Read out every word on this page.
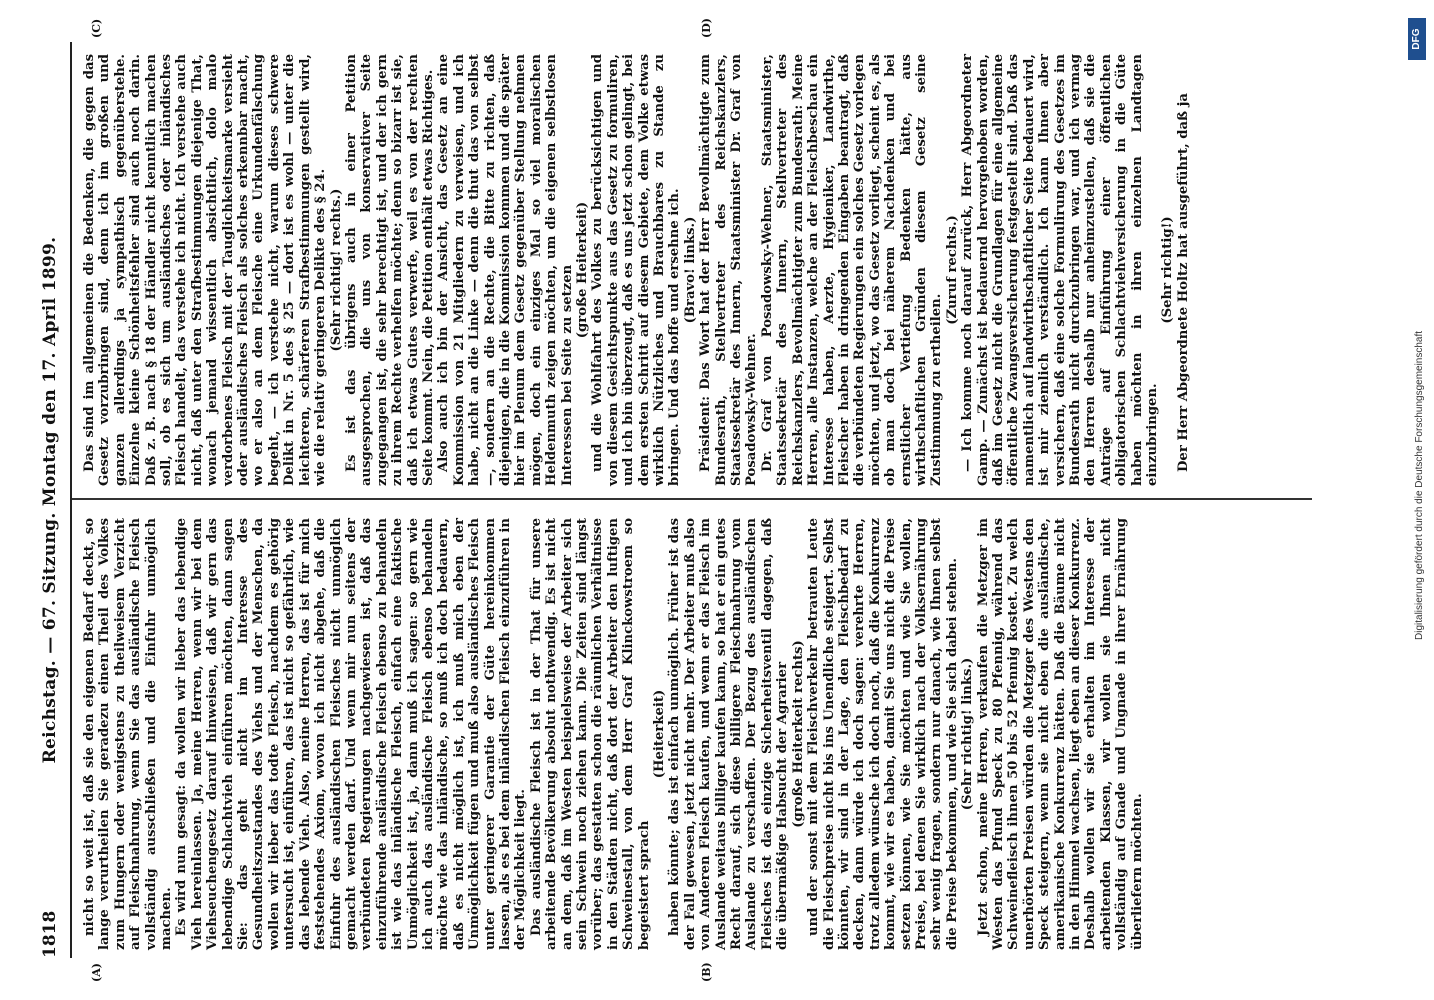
1818
Reichstag. — 67. Sitzung. Montag den 17. April 1899.
(A)	(B)
(C)	(D)

nicht so weit ist, daß sie den eigenen Bedarf deckt, so lange verurtheilen Sie geradezu einen Theil des Volkes zum Hungern oder wenigstens zu theilweisem Verzicht auf Fleischnahrung, wenn Sie das ausländische Fleisch vollständig ausschließen und die Einfuhr unmöglich machen. Es wird nun gesagt: da wollen wir lieber das lebendige Vieh hereinlassen. Ja, meine Herren, wenn wir bei dem Viehseuchengesetz darauf hinweisen, daß wir gern das lebendige Schlachtvieh einführen möchten, dann sagen Sie: das geht nicht im Interesse des Gesundheitszustandes des Viehs und der Menschen, da wollen wir lieber das todte Fleisch, nachdem es gehörig untersucht ist, einführen, das ist nicht so gefährlich, wie das lebende Vieh. Also, meine Herren, das ist für mich feststehendes Axiom, wovon ich nicht abgehe, daß die Einfuhr des ausländischen Fleisches nicht unmöglich gemacht werden darf. Und wenn mir nun seitens der verbündeten Regierungen nachgewiesen ist, daß das einzuführende ausländische Fleisch ebenso zu behandeln ist wie das inländische Fleisch, einfach eine faktische Unmöglichkeit ist, ja, dann muß ich sagen: so gern wie ich auch das ausländische Fleisch ebenso behandeln möchte wie das inländische, so muß ich doch bedauern, daß es nicht möglich ist, ich muß mich eben der Unmöglichkeit fügen und muß also ausländisches Fleisch unter geringerer Garantie der Güte hereinkommen lassen, als es bei dem inländischen Fleisch einzuführen in der Möglichkeit liegt. Das ausländische Fleisch ist in der That für unsere arbeitende Bevölkerung absolut nothwendig. Es ist nicht an dem, daß im Westen beispielsweise der Arbeiter sich sein Schwein noch ziehen kann. Die Zeiten sind längst vorüber; das gestatten schon die räumlichen Verhältnisse in den Städten nicht, daß dort der Arbeiter den luftigen Schweinestall, von dem Herr Graf Klinckowstroem so begeistert sprach

(Heiterkeit) haben könnte; das ist einfach unmöglich. Früher ist das der Fall gewesen, jetzt nicht mehr. Der Arbeiter muß also von Anderen Fleisch kaufen, und wenn er das Fleisch im Auslande weitaus billiger kaufen kann, so hat er ein gutes Recht darauf, sich diese billigere Fleischnahrung vom Auslande zu verschaffen. Der Bezug des ausländischen Fleisches ist das einzige Sicherheitsventil dagegen, daß die übermäßige Habsucht der Agrarier (große Heiterkeit rechts) und der sonst mit dem Fleischverkehr betrauten Leute die Fleischpreise nicht bis ins Unendliche steigert. Selbst könnten, wir sind in der Lage, den Fleischbedarf zu decken, dann würde ich doch sagen: verehrte Herren, trotz alledem wünsche ich doch noch, daß die Konkurrenz kommt, wie wir es haben, damit Sie uns nicht die Preise setzen können, wie Sie möchten und wie Sie wollen, Preise, bei denen Sie wirklich nach der Volksernährung sehr wenig fragen, sondern nur danach, wie Ihnen selbst die Preise bekommen, und wie Sie sich dabei stehen. (Sehr richtig! links.) Jetzt schon, meine Herren, verkaufen die Metzger im Westen das Pfund Speck zu 80 Pfennig, während das Schweinefleisch ihnen 50 bis 52 Pfennig kostet. Zu welch unerhörten Preisen würden die Metzger des Westens den Speck steigern, wenn sie nicht eben die ausländische, amerikanische Konkurrenz hätten. Daß die Bäume nicht in den Himmel wachsen, liegt eben an dieser Konkurrenz. Deshalb wollen wir sie erhalten im Interesse der arbeitenden Klassen, wir wollen sie Ihnen nicht vollständig auf Gnade und Ungnade in ihrer Ernährung überliefern möchten.

Das sind im allgemeinen die Bedenken, die gegen das Gesetz vorzubringen sind, denn ich im großen und ganzen allerdings ja sympathisch gegenüberstehe. Einzelne kleine Schönheitsfehler sind auch noch darin. Daß z. B. nach § 18 der Händler nicht kenntlich machen soll, ob es sich um ausländisches oder inländisches Fleisch handelt, das verstehe ich nicht. Ich verstehe auch nicht, daß unter den Strafbestimmungen diejenige That, wonach jemand wissentlich absichtlich, dolo malo verdorbenes Fleisch mit der Tauglichkeitsmarke versieht oder ausländisches Fleisch als solches erkennbar macht, wo er also an dem Fleische eine Urkundenfälschung begeht, — ich verstehe nicht, warum dieses schwere Delikt in Nr. 5 des § 25 — dort ist es wohl — unter die leichteren, schärferen Strafbestimmungen gestellt wird, wie die relativ geringeren Delikte des § 24. (Sehr richtig! rechts.) Es ist das übrigens auch in einer Petition ausgesprochen, die uns von konservativer Seite zugegangen ist, die sehr berechtigt ist, und der ich gern zu ihrem Rechte verhelfen möchte; denn so bizarr ist sie, daß ich etwas Gutes verwerfe, weil es von der rechten Seite kommt. Nein, die Petition enthält etwas Richtiges. Also auch ich bin der Ansicht, das Gesetz an eine Kommission von 21 Mitgliedern zu verweisen, und ich habe, nicht an die Linke — denn die thut das von selbst —, sondern an die Rechte, die Bitte zu richten, daß diejenigen, die in die Kommission kommen und die später hier im Plenum dem Gesetz gegenüber Stellung nehmen mögen, doch ein einziges Mal so viel moralischen Heldenmuth zeigen möchten, um die eigenen selbstlosen Interessen bei Seite zu setzen (große Heiterkeit) und die Wohlfahrt des Volkes zu berücksichtigen und von diesem Gesichtspunkte aus das Gesetz zu formuliren, und ich bin überzeugt, daß es uns jetzt schon gelingt, bei dem ersten Schritt auf diesem Gebiete, dem Volke etwas wirklich Nützliches und Brauchbares zu Stande zu bringen. Und das hoffe und ersehne ich. (Bravo! links.) Präsident: Das Wort hat der Herr Bevollmächtigte zum Bundesrath, Stellvertreter des Reichskanzlers, Staatssekretär des Innern, Staatsminister Dr. Graf von Posadowsky-Wehner. Dr. Graf von Posadowsky-Wehner, Staatsminister, Staatssekretär des Innern, Stellvertreter des Reichskanzlers, Bevollmächtigter zum Bundesrath: Meine Herren, alle Instanzen, welche an der Fleischbeschau ein Interesse haben, Aerzte, Hygieniker, Landwirthe, Fleischer haben in dringenden Eingaben beantragt, daß die verbündeten Regierungen ein solches Gesetz vorlegen möchten, und jetzt, wo das Gesetz vorliegt, scheint es, als ob man doch bei näherem Nachdenken und bei ernstlicher Vertiefung Bedenken hätte, aus wirthschaftlichen Gründen diesem Gesetz seine Zustimmung zu ertheilen.

(Zuruf rechts.) — Ich komme noch darauf zurück, Herr Abgeordneter Gamp. — Zunächst ist bedauernd hervorgehoben worden, daß im Gesetz nicht die Grundlagen für eine allgemeine öffentliche Zwangsversicherung festgestellt sind. Daß das namentlich auf landwirthschaftlicher Seite bedauert wird, ist mir ziemlich verständlich. Ich kann Ihnen aber versichern, daß eine solche Formulirung des Gesetzes im Bundesrath nicht durchzubringen war, und ich vermag den Herren deshalb nur anheimzustellen, daß sie die Anträge auf Einführung einer öffentlichen obligatorischen Schlachtviehversicherung in die Güte haben möchten in ihren einzelnen Landtagen einzubringen.

(Sehr richtig!) Der Herr Abgeordnete Holtz hat ausgeführt, daß ja

Digitalisierung gefördert durch die Deutsche Forschungsgemeinschaft
DFG
